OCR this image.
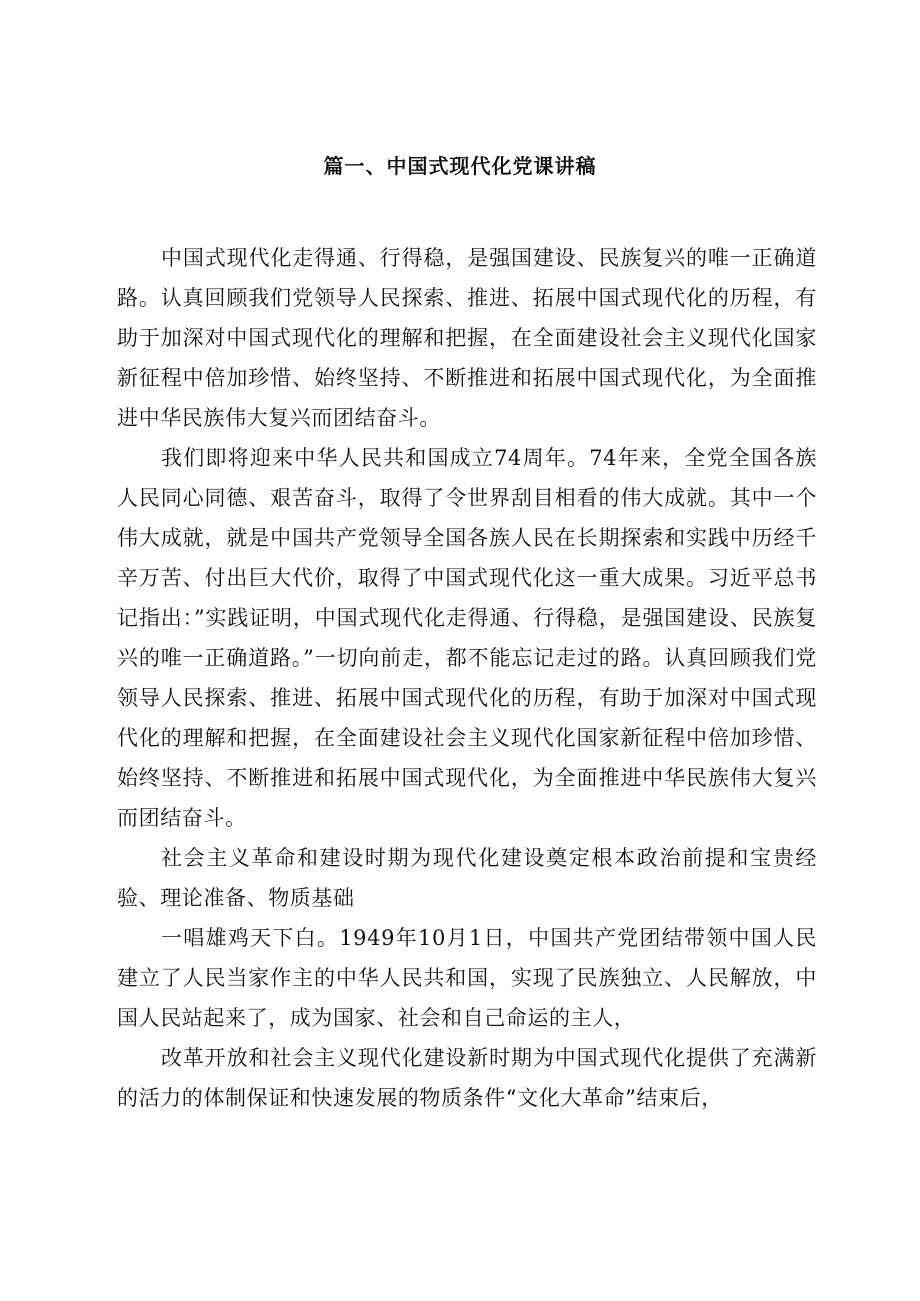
篇一、中国式现代化党课讲稿

中国式现代化走得通、行得稳，是强国建设、民族复兴的唯一正确道路。认真回顾我们党领导人民探索、推进、拓展中国式现代化的历程，有助于加深对中国式现代化的理解和把握，在全面建设社会主义现代化国家新征程中倍加珍惜、始终坚持、不断推进和拓展中国式现代化，为全面推进中华民族伟大复兴而团结奋斗。

我们即将迎来中华人民共和国成立74周年。74年来，全党全国各族人民同心同德、艰苦奋斗，取得了令世界刮目相看的伟大成就。其中一个伟大成就，就是中国共产党领导全国各族人民在长期探索和实践中历经千辛万苦、付出巨大代价，取得了中国式现代化这一重大成果。习近平总书记指出：”实践证明，中国式现代化走得通、行得稳，是强国建设、民族复兴的唯一正确道路。”一切向前走，都不能忘记走过的路。认真回顾我们党领导人民探索、推进、拓展中国式现代化的历程，有助于加深对中国式现代化的理解和把握，在全面建设社会主义现代化国家新征程中倍加珍惜、始终坚持、不断推进和拓展中国式现代化，为全面推进中华民族伟大复兴而团结奋斗。

社会主义革命和建设时期为现代化建设奠定根本政治前提和宝贵经验、理论准备、物质基础

一唱雄鸡天下白。1949年10月1日，中国共产党团结带领中国人民建立了人民当家作主的中华人民共和国，实现了民族独立、人民解放，中国人民站起来了，成为国家、社会和自己命运的主人，

改革开放和社会主义现代化建设新时期为中国式现代化提供了充满新的活力的体制保证和快速发展的物质条件“文化大革命”结束后，
